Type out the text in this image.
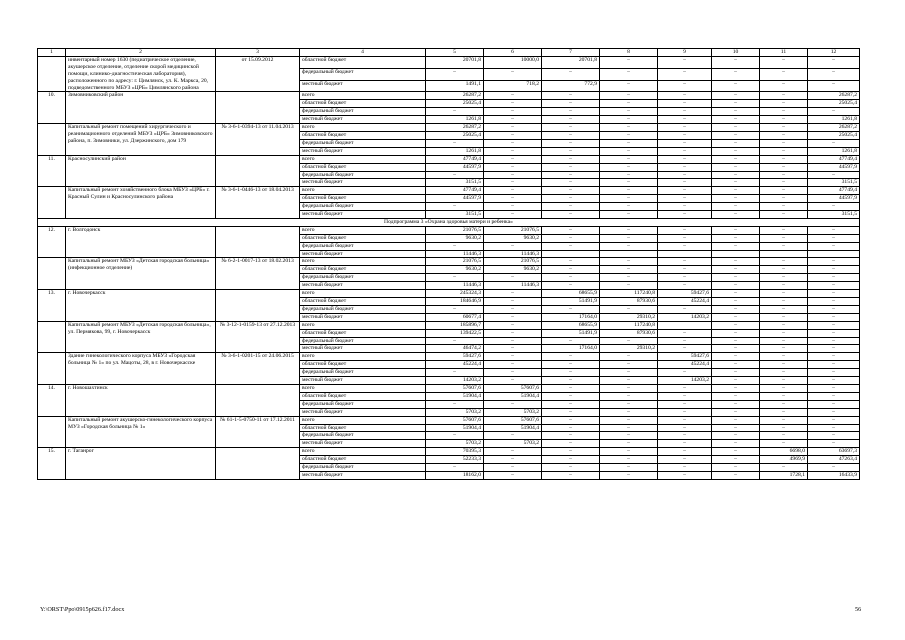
1	2	3	4	5	6	7	8	9	10	11	12
	инвентарный номер 1630 (педиатрическое отделение, акушерское отделение, отделение скорой медицинской помощи, клинико-диагностическая лаборатория), расположенного по адресу: г. Цимлянск, ул. К. Маркса, 20, подведомственного МБУЗ «ЦРБ» Цимлянского района	от 15.09.2012	областной бюджет	20701,8	10000,0	20701,8	–	–	–	–	–
			федеральный бюджет	–	–	–	–	–	–	–	–
			местный бюджет	1491,1	718,2	772,9	–	–	–	–	–
10.	Зимовниковский район		всего	26287,2	–	–	–	–	–	–	26287,2
			областной бюджет	25025,4	–	–	–	–	–	–	25025,4
			федеральный бюджет	–	–	–	–	–	–	–	–
			местный бюджет	1261,8	–	–	–	–	–	–	1261,8
	Капитальный ремонт помещений хирургического и реанимационного отделений МБУЗ «ЦРБ» Зимовниковского района, п. Зимовники, ул. Дзержинского, дом 179	№ 3-6-1-0394-13 от 11.04.2013	всего	26287,2	–	–	–	–	–	–	26287,2
			областной бюджет	25025,4	–	–	–	–	–	–	25025,4
			федеральный бюджет	–	–	–	–	–	–	–	–
			местный бюджет	1261,8	–	–	–	–	–	–	1261,8
11.	Красносулинский район		всего	47749,4	–	–	–	–	–	–	47749,4
			областной бюджет	44597,9	–	–	–	–	–	–	44597,9
			федеральный бюджет	–	–	–	–	–	–	–	–
			местный бюджет	3151,5	–	–	–	–	–	–	3151,5
	Капитальный ремонт хозяйственного блока МБУЗ «ЦРБ» г. Красный Сулин и Красносулинского района	№ 3-6-1-0446-13 от 18.04.2013	всего	47749,4	–	–	–	–	–	–	47749,4
			областной бюджет	44597,9	–	–	–	–	–	–	44597,9
			федеральный бюджет	–	–	–	–	–	–	–	–
			местный бюджет	3151,5	–	–	–	–	–	–	3151,5
Подпрограмма 3 «Охрана здоровья матери и ребенка»											
12.	г. Волгодонск		всего	21076,5	21076,5	–	–	–	–	–	–
			областной бюджет	9630,2	9630,2	–	–	–	–	–	–
			федеральный бюджет	–	–	–	–	–	–	–	–
			местный бюджет	11446,3	11446,3						
	Капитальный ремонт МБУЗ «Детская городская больница» (инфекционное отделение)	№ 6-2-1-0017-13 от 18.02.2013	всего	21076,5	21076,5	–	–	–	–	–	–
			областной бюджет	9630,2	9630,2	–	–	–	–	–	–
			федеральный бюджет	–	–	–	–	–	–	–	–
			местный бюджет	11446,3	11446,3	–	–	–	–	–	–
13.	г. Новочеркасск		всего	245324,3	–	68655,9	117240,8	59427,6	–	–	–
			областной бюджет	184646,9	–	51491,9	87930,6	45224,4	–	–	–
			федеральный бюджет	–	–	–	–	–	–	–	–
			местный бюджет	60677,4	–	17164,0	29310,2	14203,2	–	–	–
	Капитальный ремонт МБУЗ «Детская городская больница», ул. Пермякова, 99, г. Новочеркасск	№ 3-12-1-0159-13 от 27.12.2013	всего	185896,7	–	68655,9	117240,8		–	–	–
			областной бюджет	139422,5	–	51491,9	87930,6	–	–	–	–
			федеральный бюджет	–	–	–	–	–	–	–	–
			местный бюджет	46474,2	–	17164,0	29310,2	–	–	–	–
	Здание гинекологического корпуса МБУЗ «Городская больница № 1» по ул. Мацоты, 28, в г. Новочеркасске	№ 3-6-1-0201-15 от 24.06.2015	всего	59427,6	–	–	–	59427,6	–	–	–
			областной бюджет	45224,4	–	–	–	45224,4	–	–	–
			федеральный бюджет	–	–	–	–	–	–	–	–
			местный бюджет	14203,2	–	–	–	14203,2	–	–	–
14.	г. Новошахтинск		всего	57607,6	57607,6	–	–	–	–	–	–
			областной бюджет	51904,4	51904,4	–	–	–	–	–	–
			федеральный бюджет	–	–	–	–	–	–	–	–
			местный бюджет	5703,2	5703,2	–	–	–	–	–	–
	Капитальный ремонт акушерско-гинекологического корпуса МУЗ «Городская больница № 1»	№ 61-1-5-0750-11 от 17.12.2011	всего	57607,6	57607,6	–	–	–	–	–	–
			областной бюджет	51904,4	51904,4	–	–	–	–	–	–
			федеральный бюджет	–	–	–	–	–	–	–	–
			местный бюджет	5703,2	5703,2	–	–	–	–	–	–
15.	г. Таганрог		всего	70395,3	–	–	–	–	–	6698,0	63697,3
			областной бюджет	52233,3	–	–	–	–	–	4969,9	47263,4
			федеральный бюджет	–	–	–	–	–	–	–	–
			местный бюджет	18162,0	–	–	–	–	–	1728,1	16433,9
Y:\ORST\Ppo\0915p626.f17.docx	56
